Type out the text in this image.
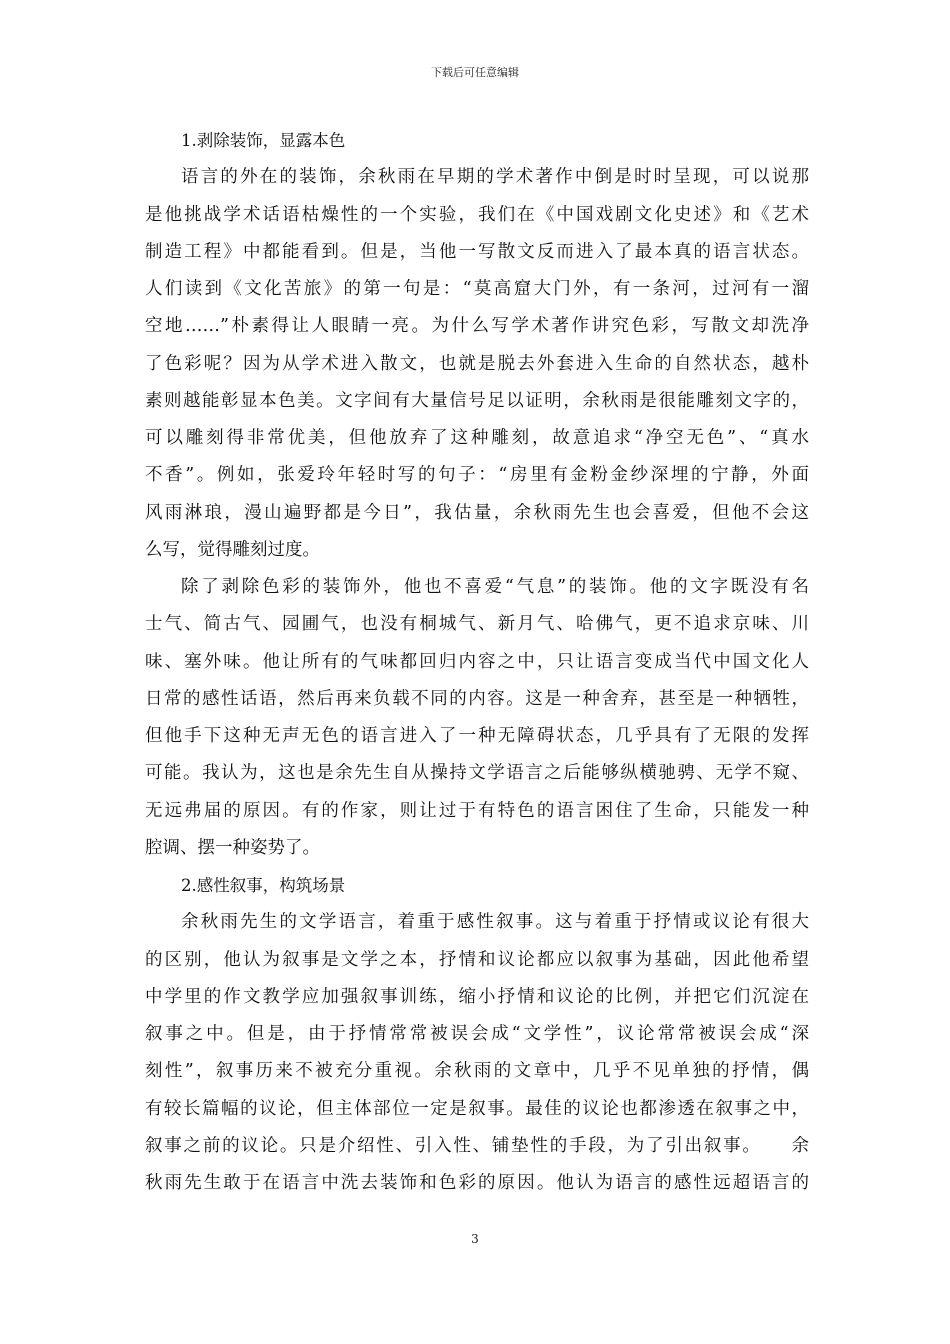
下载后可任意编辑
1.剥除装饰，显露本色
语言的外在的装饰，余秋雨在早期的学术著作中倒是时时呈现，可以说那
是他挑战学术话语枯燥性的一个实验，我们在《中国戏剧文化史述》和《艺术
制造工程》中都能看到。但是，当他一写散文反而进入了最本真的语言状态。
人们读到《文化苦旅》的第一句是：“莫高窟大门外，有一条河，过河有一溜
空地……”朴素得让人眼睛一亮。为什么写学术著作讲究色彩，写散文却洗净
了色彩呢？因为从学术进入散文，也就是脱去外套进入生命的自然状态，越朴
素则越能彰显本色美。文字间有大量信号足以证明，余秋雨是很能雕刻文字的，
可以雕刻得非常优美，但他放弃了这种雕刻，故意追求“净空无色”、“真水
不香”。例如，张爱玲年轻时写的句子：“房里有金粉金纱深埋的宁静，外面
风雨淋琅，漫山遍野都是今日”，我估量，余秋雨先生也会喜爱，但他不会这
么写，觉得雕刻过度。
除了剥除色彩的装饰外，他也不喜爱“气息”的装饰。他的文字既没有名
士气、简古气、园圃气，也没有桐城气、新月气、哈佛气，更不追求京味、川
味、塞外味。他让所有的气味都回归内容之中，只让语言变成当代中国文化人
日常的感性话语，然后再来负载不同的内容。这是一种舍弃，甚至是一种牺牲，
但他手下这种无声无色的语言进入了一种无障碍状态，几乎具有了无限的发挥
可能。我认为，这也是余先生自从操持文学语言之后能够纵横驰骋、无学不窥、
无远弗届的原因。有的作家，则让过于有特色的语言困住了生命，只能发一种
腔调、摆一种姿势了。
2.感性叙事，构筑场景
余秋雨先生的文学语言，着重于感性叙事。这与着重于抒情或议论有很大
的区别，他认为叙事是文学之本，抒情和议论都应以叙事为基础，因此他希望
中学里的作文教学应加强叙事训练，缩小抒情和议论的比例，并把它们沉淀在
叙事之中。但是，由于抒情常常被误会成“文学性”，议论常常被误会成“深
刻性”，叙事历来不被充分重视。余秋雨的文章中，几乎不见单独的抒情，偶
有较长篇幅的议论，但主体部位一定是叙事。最佳的议论也都渗透在叙事之中，
叙事之前的议论。只是介绍性、引入性、铺垫性的手段，为了引出叙事。　　余
秋雨先生敢于在语言中洗去装饰和色彩的原因。他认为语言的感性远超语言的
3
